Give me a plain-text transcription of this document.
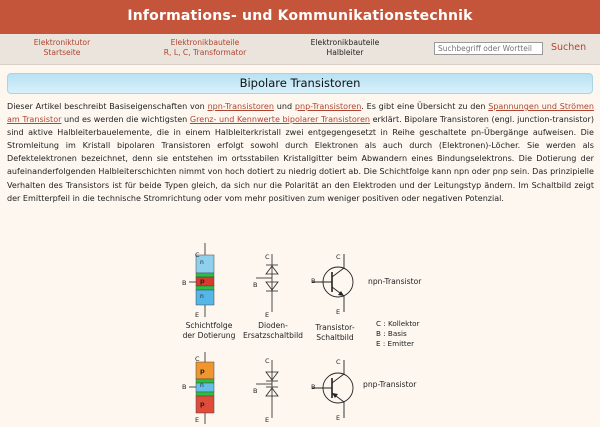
Informations- und Kommunikationstechnik
Elektroniktutor
Startseite
Elektronikbauteile
R, L, C, Transformator
Elektronikbauteile
Halbleiter
Suchbegriff oder Wortteil	Suchen
Bipolare Transistoren
Dieser Artikel beschreibt Basiseigenschaften von npn-Transistoren und pnp-Transistoren. Es gibt eine Übersicht zu den Spannungen und Strömen am Transistor und es werden die wichtigsten Grenz- und Kennwerte bipolarer Transistoren erklärt. Bipolare Transistoren (engl. junction-transistor) sind aktive Halbleiterbauelemente, die in einem Halbleiterkristall zwei entgegengesetzt in Reihe geschaltete pn-Übergänge aufweisen. Die Stromleitung im Kristall bipolaren Transistoren erfolgt sowohl durch Elektronen als auch durch (Elektronen)-Löcher. Sie werden als Defektelektronen bezeichnet, denn sie entstehen im ortsstabilen Kristallgitter beim Abwandern eines Bindungselektrons. Die Dotierung der aufeinanderfolgenden Halbleiterschichten nimmt von hoch dotiert zu niedrig dotiert ab. Die Schichtfolge kann npn oder pnp sein. Das prinzipielle Verhalten des Transistors ist für beide Typen gleich, da sich nur die Polarität an den Elektroden und der Leitungstyp ändern. Im Schaltbild zeigt der Emitterpfeil in die technische Stromrichtung oder vom mehr positiven zum weniger positiven oder negativen Potenzial.
C
n
p
n
B
E
C
B
E
C
B
E
npn-Transistor
Schichtfolge
der Dotierung
Dioden-
Ersatzschaltbild
Transistor-
Schaltbild
C : Kollektor
B : Basis
E : Emitter
C
p
n
p
B
E
C
B
E
C
B
E
pnp-Transistor
